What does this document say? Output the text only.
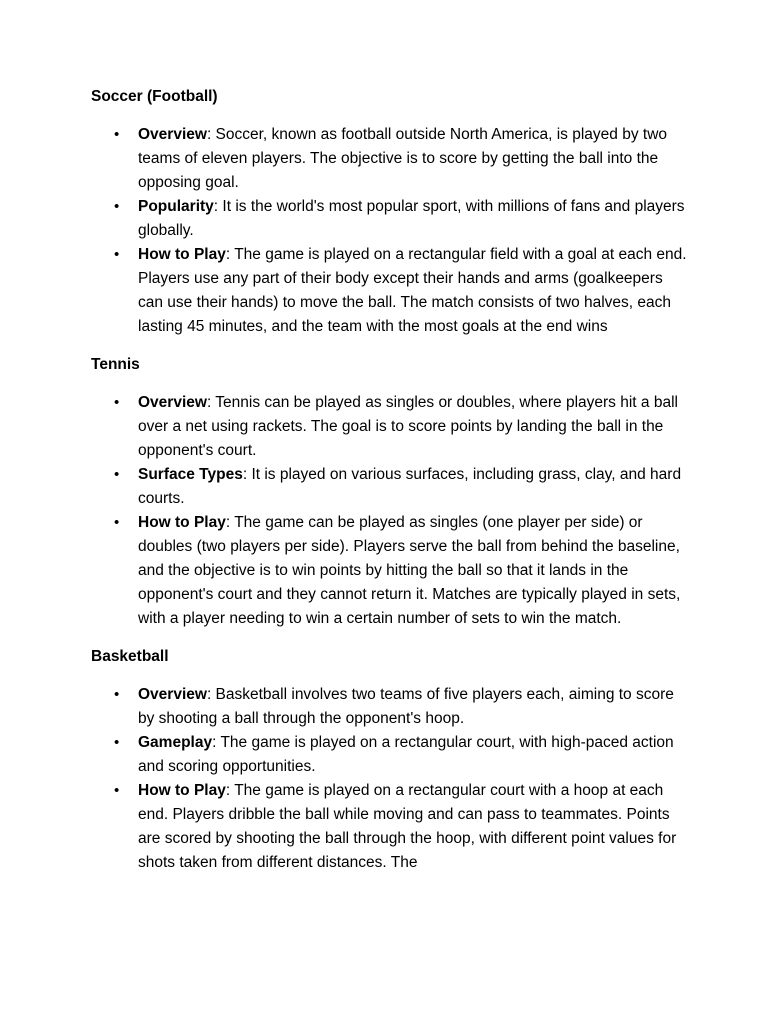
Soccer (Football)

• Overview: Soccer, known as football outside North America, is played by two teams of eleven players. The objective is to score by getting the ball into the opposing goal.
• Popularity: It is the world's most popular sport, with millions of fans and players globally.
• How to Play: The game is played on a rectangular field with a goal at each end. Players use any part of their body except their hands and arms (goalkeepers can use their hands) to move the ball. The match consists of two halves, each lasting 45 minutes, and the team with the most goals at the end wins

Tennis

• Overview: Tennis can be played as singles or doubles, where players hit a ball over a net using rackets. The goal is to score points by landing the ball in the opponent's court.
• Surface Types: It is played on various surfaces, including grass, clay, and hard courts.
• How to Play: The game can be played as singles (one player per side) or doubles (two players per side). Players serve the ball from behind the baseline, and the objective is to win points by hitting the ball so that it lands in the opponent's court and they cannot return it. Matches are typically played in sets, with a player needing to win a certain number of sets to win the match.

Basketball

• Overview: Basketball involves two teams of five players each, aiming to score by shooting a ball through the opponent's hoop.
• Gameplay: The game is played on a rectangular court, with high-paced action and scoring opportunities.
• How to Play: The game is played on a rectangular court with a hoop at each end. Players dribble the ball while moving and can pass to teammates. Points are scored by shooting the ball through the hoop, with different point values for shots taken from different distances. The
